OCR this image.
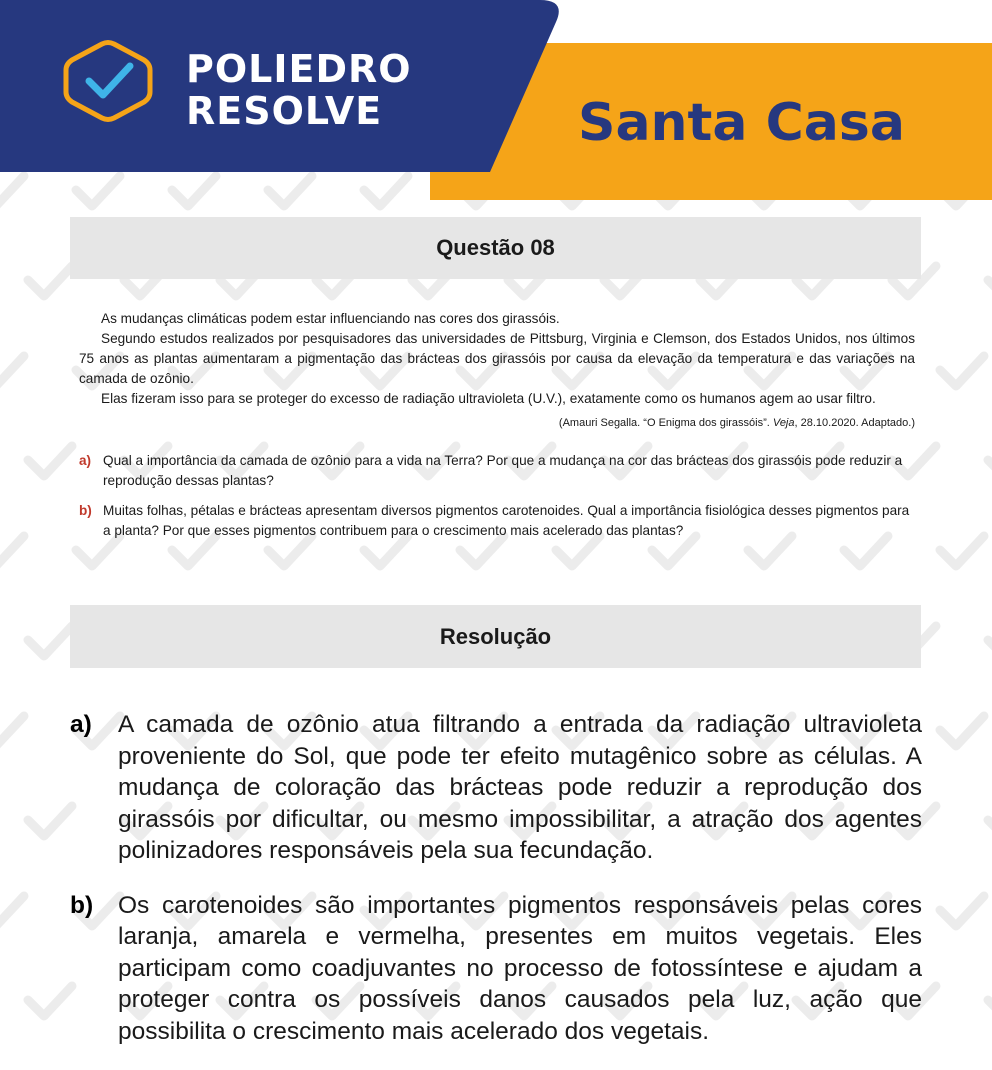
POLIEDRO

RESOLVE	Santa Casa

Questão 08

As mudanças climáticas podem estar influenciando nas cores dos girassóis.

Segundo estudos realizados por pesquisadores das universidades de Pittsburg, Virginia e Clemson, dos Estados Unidos, nos últimos 75 anos as plantas aumentaram a pigmentação das brácteas dos girassóis por causa da elevação da temperatura e das variações na camada de ozônio.

Elas fizeram isso para se proteger do excesso de radiação ultravioleta (U.V.), exatamente como os humanos agem ao usar filtro.

(Amauri Segalla. “O Enigma dos girassóis”. Veja, 28.10.2020. Adaptado.)

a) Qual a importância da camada de ozônio para a vida na Terra? Por que a mudança na cor das brácteas dos girassóis pode reduzir a reprodução dessas plantas?
b) Muitas folhas, pétalas e brácteas apresentam diversos pigmentos carotenoides. Qual a importância fisiológica desses pigmentos para a planta? Por que esses pigmentos contribuem para o crescimento mais acelerado das plantas?
Resolução
a)	A camada de ozônio atua filtrando a entrada da radiação ultravioleta proveniente do Sol, que pode ter efeito mutagênico sobre as células. A mudança de coloração das brácteas pode reduzir a reprodução dos girassóis por dificultar, ou mesmo impossibilitar, a atração dos agentes polinizadores responsáveis pela sua fecundação.
b)	Os carotenoides são importantes pigmentos responsáveis pelas cores laranja, amarela e vermelha, presentes em muitos vegetais. Eles participam como coadjuvantes no processo de fotossíntese e ajudam a proteger contra os possíveis danos causados pela luz, ação que possibilita o crescimento mais acelerado dos vegetais.
